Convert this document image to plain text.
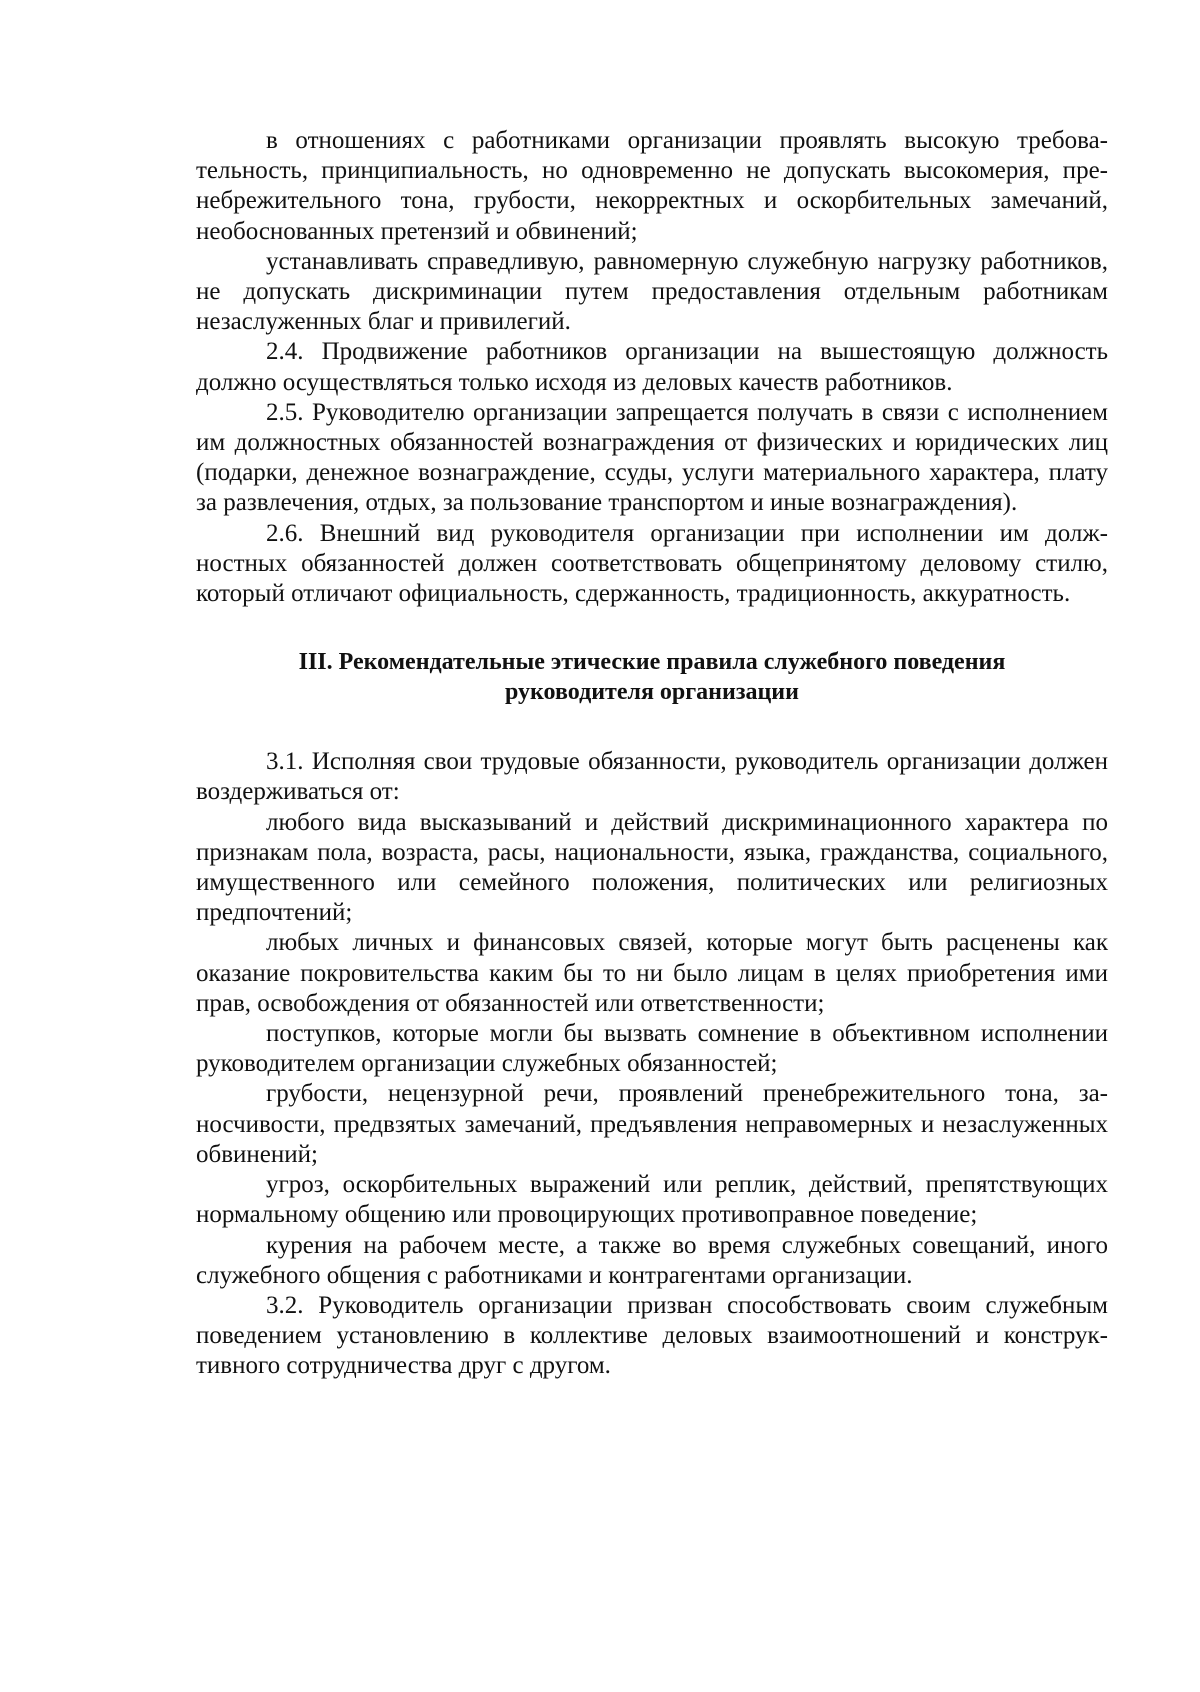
в отношениях с работниками организации проявлять высокую требовательность, принципиальность, но одновременно не допускать высокомерия, пренебрежительного тона, грубости, некорректных и оскорбительных замечаний, необоснованных претензий и обвинений;

устанавливать справедливую, равномерную служебную нагрузку работников, не допускать дискриминации путем предоставления отдельным работникам незаслуженных благ и привилегий.

2.4. Продвижение работников организации на вышестоящую должность должно осуществляться только исходя из деловых качеств работников.

2.5. Руководителю организации запрещается получать в связи с исполнением им должностных обязанностей вознаграждения от физических и юридических лиц (подарки, денежное вознаграждение, ссуды, услуги материального характера, плату за развлечения, отдых, за пользование транспортом и иные вознаграждения).

2.6. Внешний вид руководителя организации при исполнении им должностных обязанностей должен соответствовать общепринятому деловому стилю, который отличают официальность, сдержанность, традиционность, аккуратность.

III. Рекомендательные этические правила служебного поведения
руководителя организации

3.1. Исполняя свои трудовые обязанности, руководитель организации должен воздерживаться от:

любого вида высказываний и действий дискриминационного характера по признакам пола, возраста, расы, национальности, языка, гражданства, социального, имущественного или семейного положения, политических или религиозных предпочтений;

любых личных и финансовых связей, которые могут быть расценены как оказание покровительства каким бы то ни было лицам в целях приобретения ими прав, освобождения от обязанностей или ответственности;

поступков, которые могли бы вызвать сомнение в объективном исполнении руководителем организации служебных обязанностей;

грубости, нецензурной речи, проявлений пренебрежительного тона, заносчивости, предвзятых замечаний, предъявления неправомерных и незаслуженных обвинений;

угроз, оскорбительных выражений или реплик, действий, препятствующих нормальному общению или провоцирующих противоправное поведение;

курения на рабочем месте, а также во время служебных совещаний, иного служебного общения с работниками и контрагентами организации.

3.2. Руководитель организации призван способствовать своим служебным поведением установлению в коллективе деловых взаимоотношений и конструктивного сотрудничества друг с другом.
